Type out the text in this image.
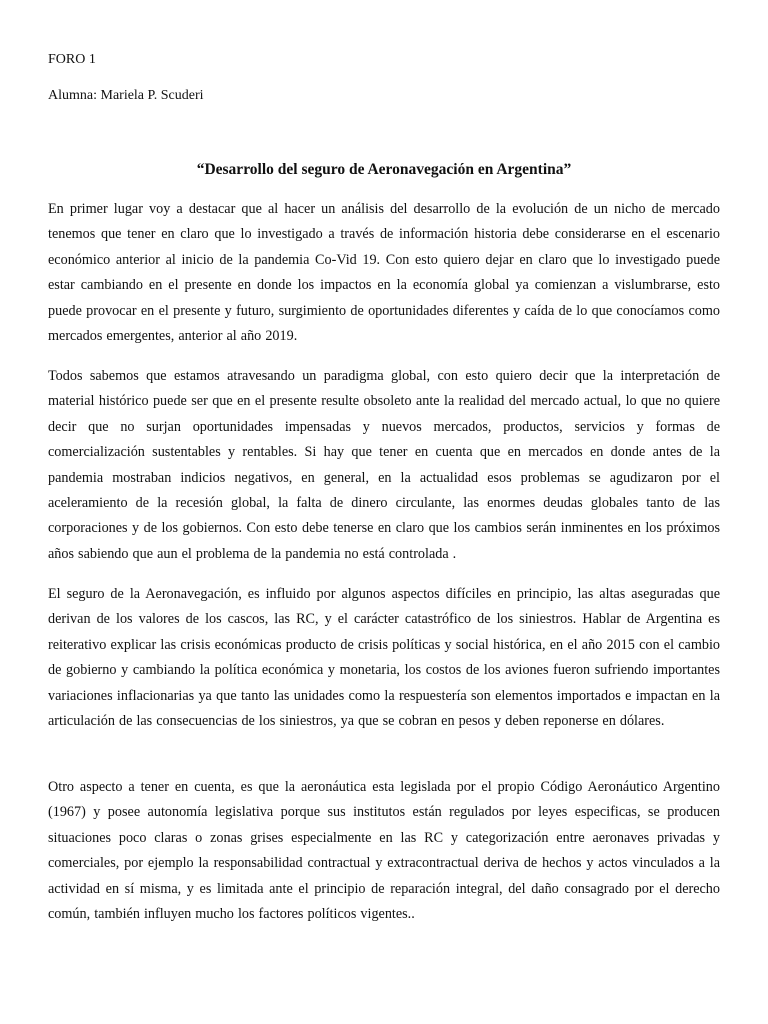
FORO 1
Alumna: Mariela P. Scuderi
“Desarrollo del seguro de Aeronavegación en Argentina”

En primer lugar voy a destacar que al hacer un análisis del desarrollo de la evolución de un nicho de mercado tenemos que tener en claro que lo investigado a través de información historia debe considerarse en el escenario económico anterior al inicio de la pandemia Co-Vid 19. Con esto quiero dejar en claro que lo investigado puede estar cambiando en el presente en donde los impactos en la economía global ya comienzan a vislumbrarse, esto puede provocar en el presente y futuro, surgimiento de oportunidades diferentes y caída de lo que conocíamos como mercados emergentes, anterior al año 2019.

Todos sabemos que estamos atravesando un paradigma global, con esto quiero decir que la interpretación de material histórico puede ser que en el presente resulte obsoleto ante la realidad del mercado actual, lo que no quiere decir que no surjan oportunidades impensadas y nuevos mercados, productos, servicios y formas de comercialización sustentables y rentables. Si hay que tener en cuenta que en mercados en donde antes de la pandemia mostraban indicios negativos, en general, en la actualidad esos problemas se agudizaron por el aceleramiento de la recesión global, la falta de dinero circulante, las enormes deudas globales tanto de las corporaciones y de los gobiernos. Con esto debe tenerse en claro que los cambios serán inminentes en los próximos años sabiendo que aun el problema de la pandemia no está controlada .

El seguro de la Aeronavegación, es influido por algunos aspectos difíciles en principio, las altas aseguradas que derivan de los valores de los cascos, las RC, y el carácter catastrófico de los siniestros. Hablar de Argentina es reiterativo explicar las crisis económicas producto de crisis políticas y social histórica, en el año 2015 con el cambio de gobierno y cambiando la política económica y monetaria, los costos de los aviones fueron sufriendo importantes variaciones inflacionarias ya que tanto las unidades como la respuestería son elementos importados e impactan en la articulación de las consecuencias de los siniestros, ya que se cobran en pesos y deben reponerse en dólares.

Otro aspecto a tener en cuenta, es que la aeronáutica esta legislada por el propio Código Aeronáutico Argentino (1967) y posee autonomía legislativa porque sus institutos están regulados por leyes especificas, se producen situaciones poco claras o zonas grises especialmente en las RC y categorización entre aeronaves privadas y comerciales, por ejemplo la responsabilidad contractual y extracontractual deriva de hechos y actos vinculados a la actividad en sí misma, y es limitada ante el principio de reparación integral, del daño consagrado por el derecho común, también influyen mucho los factores políticos vigentes..
